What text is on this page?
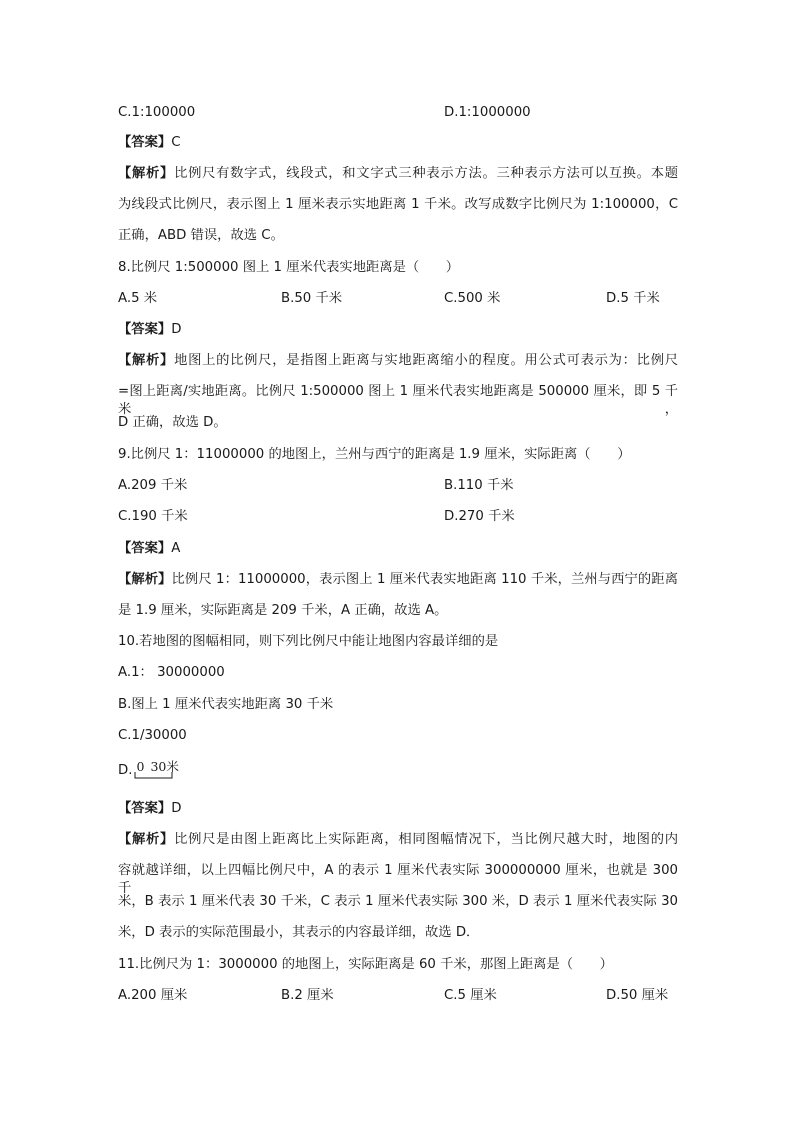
C.1:100000	D.1:1000000
【答案】C
【解析】比例尺有数字式，线段式，和文字式三种表示方法。三种表示方法可以互换。本题
为线段式比例尺，表示图上 1 厘米表示实地距离 1 千米。改写成数字比例尺为 1:100000，C
正确，ABD 错误，故选 C。
8.比例尺 1:500000 图上 1 厘米代表实地距离是（　　）
A.5 米	B.50 千米	C.500 米	D.5 千米
【答案】D
【解析】地图上的比例尺，是指图上距离与实地距离缩小的程度。用公式可表示为：比例尺
=图上距离/实地距离。比例尺 1:500000 图上 1 厘米代表实地距离是 500000 厘米，即 5 千米，
D 正确，故选 D。
9.比例尺 1：11000000 的地图上，兰州与西宁的距离是 1.9 厘米，实际距离（　　）
A.209 千米	B.110 千米
C.190 千米	D.270 千米
【答案】A
【解析】比例尺 1：11000000，表示图上 1 厘米代表实地距离 110 千米，兰州与西宁的距离
是 1.9 厘米，实际距离是 209 千米，A 正确，故选 A。
10.若地图的图幅相同，则下列比例尺中能让地图内容最详细的是
A.1： 30000000
B.图上 1 厘米代表实地距离 30 千米
C.1/30000
D. 0 30米
【答案】D
【解析】比例尺是由图上距离比上实际距离，相同图幅情况下，当比例尺越大时，地图的内
容就越详细，以上四幅比例尺中，A 的表示 1 厘米代表实际 300000000 厘米，也就是 300 千
米，B 表示 1 厘米代表 30 千米，C 表示 1 厘米代表实际 300 米，D 表示 1 厘米代表实际 30
米，D 表示的实际范围最小，其表示的内容最详细，故选 D．
11.比例尺为 1：3000000 的地图上，实际距离是 60 千米，那图上距离是（　　）
A.200 厘米	B.2 厘米	C.5 厘米	D.50 厘米
